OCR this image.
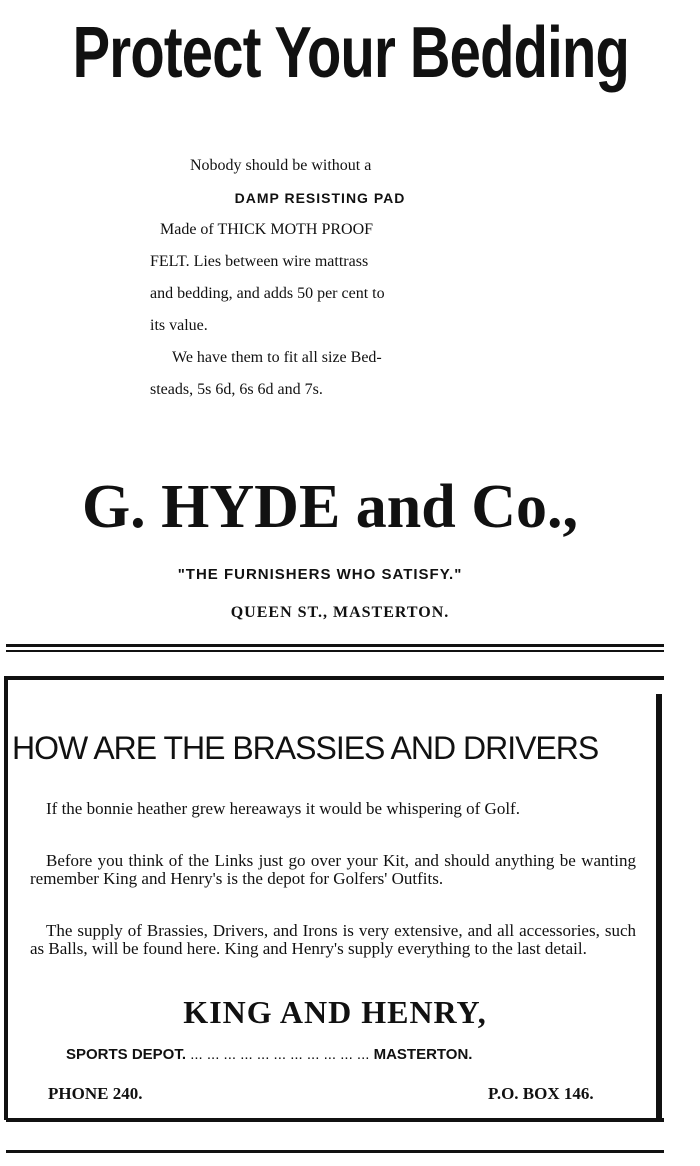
Protect Your Bedding
Nobody should be without a
DAMP RESISTING PAD
Made of THICK MOTH PROOF
FELT. Lies between wire mattrass
and bedding, and adds 50 per cent to
its value.
We have them to fit all size Bed-
steads, 5s 6d, 6s 6d and 7s.
G. HYDE and Co.,
"THE FURNISHERS WHO SATISFY."
QUEEN ST., MASTERTON.
HOW ARE THE BRASSIES AND DRIVERS
If the bonnie heather grew hereaways it would be whispering of Golf.
Before you think of the Links just go over your Kit, and should anything be wanting remember King and Henry's is the depot for Golfers' Outfits.
The supply of Brassies, Drivers, and Irons is very extensive, and all accessories, such as Balls, will be found here. King and Henry's supply everything to the last detail.
KING AND HENRY,
SPORTS DEPOT. ... ... ... ... ... ... ... ... ... ... ... MASTERTON.
PHONE 240.	P.O. BOX 146.
